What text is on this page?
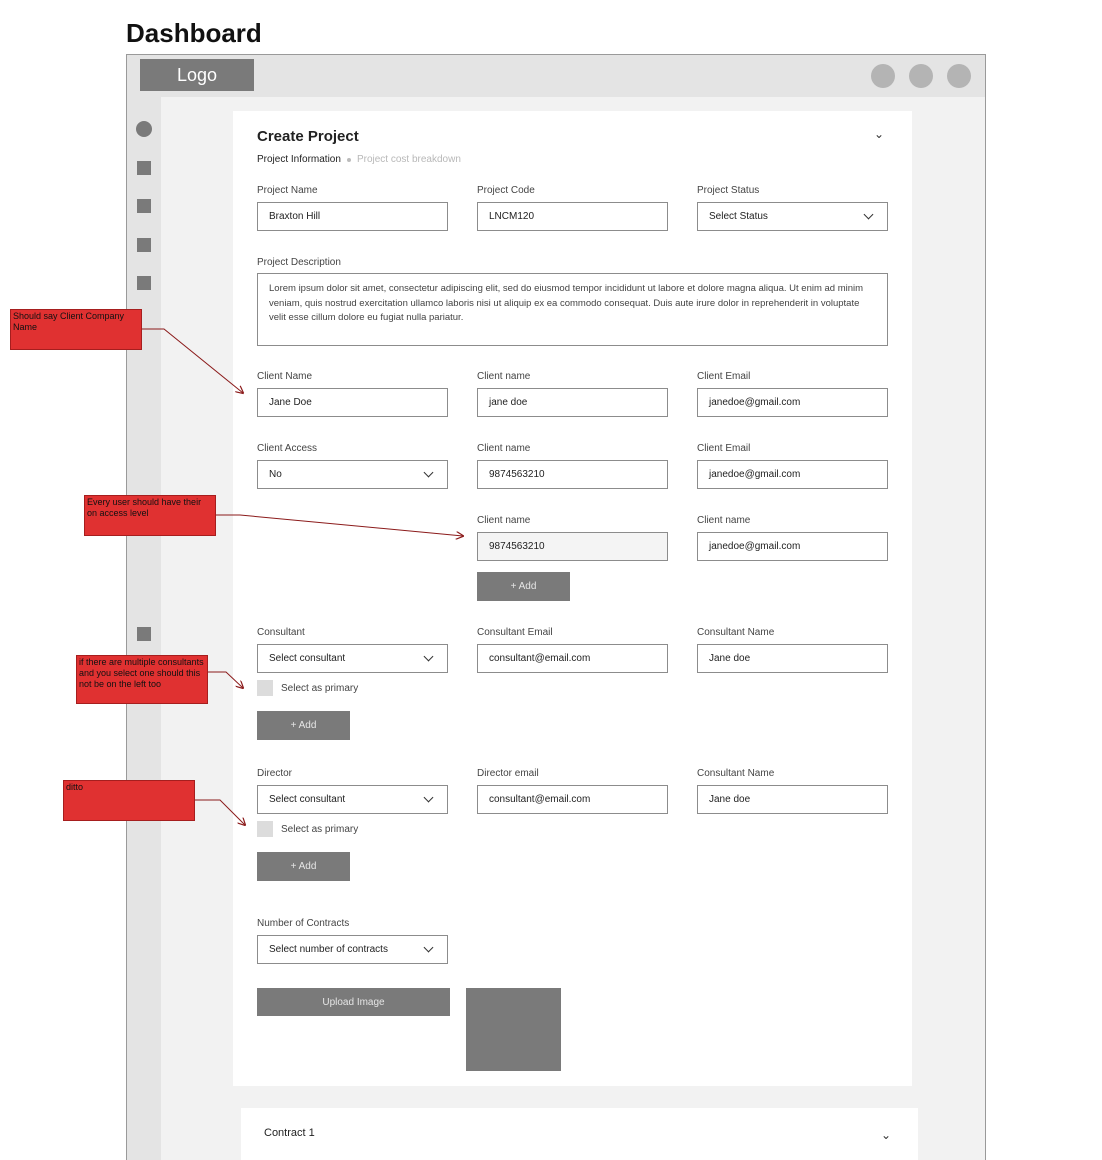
Dashboard
Logo
Create Project	⌄
Project Information Project cost breakdown
Project Name
Braxton Hill
Project Code
LNCM120
Project Status
Select Status
Project Description
Lorem ipsum dolor sit amet, consectetur adipiscing elit, sed do eiusmod tempor incididunt ut labore et dolore magna aliqua. Ut enim ad minim veniam, quis nostrud exercitation ullamco laboris nisi ut aliquip ex ea commodo consequat. Duis aute irure dolor in reprehenderit in voluptate velit esse cillum dolore eu fugiat nulla pariatur.
Client Name
Jane Doe
Client name
jane doe
Client Email
janedoe@gmail.com
Client Access
No
Client name
9874563210
Client Email
janedoe@gmail.com
Client name
9874563210
Client name
janedoe@gmail.com
+ Add
Consultant
Select consultant
Consultant Email
consultant@email.com
Consultant Name
Jane doe
Select as primary
+ Add
Director
Select consultant
Director email
consultant@email.com
Consultant Name
Jane doe
Select as primary
+ Add
Number of Contracts
Select number of contracts
Upload Image
Contract 1	⌄
Should say Client Company Name
Every user should have their on access level
if there are multiple consultants and you select one should this not be on the left too
ditto
